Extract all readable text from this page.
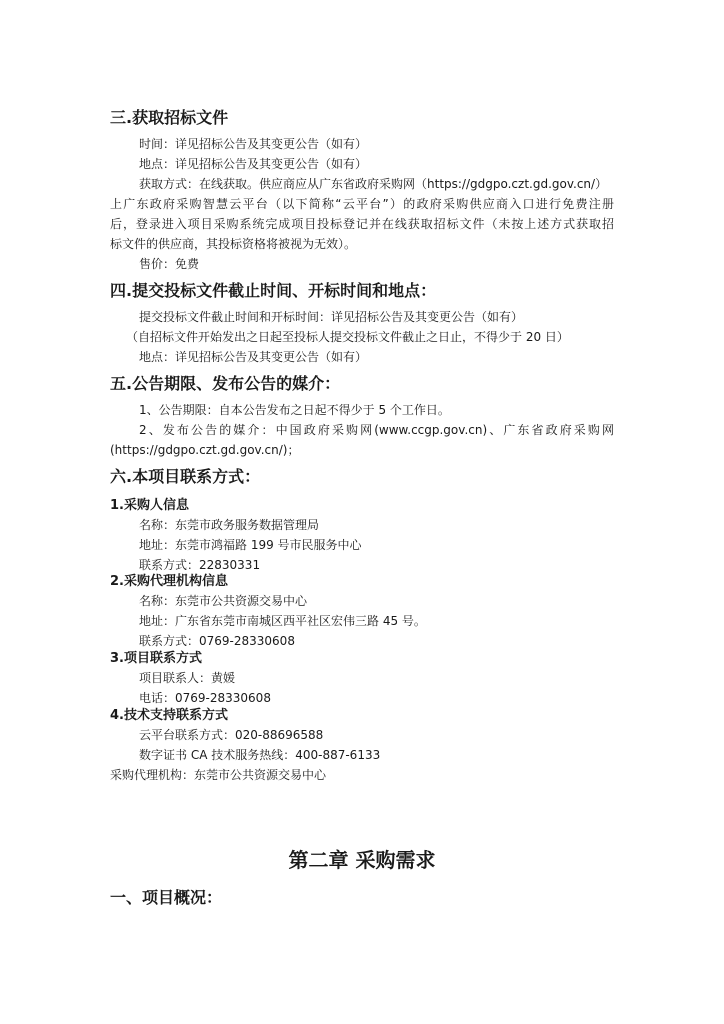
三.获取招标文件
时间：详见招标公告及其变更公告（如有）
地点：详见招标公告及其变更公告（如有）
获取方式：在线获取。供应商应从广东省政府采购网（https://gdgpo.czt.gd.gov.cn/）
上广东政府采购智慧云平台（以下简称“云平台”）的政府采购供应商入口进行免费注册
后，登录进入项目采购系统完成项目投标登记并在线获取招标文件（未按上述方式获取招
标文件的供应商，其投标资格将被视为无效）。
售价：免费
四.提交投标文件截止时间、开标时间和地点：
提交投标文件截止时间和开标时间：详见招标公告及其变更公告（如有）
（自招标文件开始发出之日起至投标人提交投标文件截止之日止，不得少于 20 日）
地点：详见招标公告及其变更公告（如有）
五.公告期限、发布公告的媒介：
1、公告期限：自本公告发布之日起不得少于 5 个工作日。
2、发布公告的媒介：中国政府采购网(www.ccgp.gov.cn)、广东省政府采购网
(https://gdgpo.czt.gd.gov.cn/)；
六.本项目联系方式：
1.采购人信息
名称：东莞市政务服务数据管理局
地址：东莞市鸿福路 199 号市民服务中心
联系方式：22830331
2.采购代理机构信息
名称：东莞市公共资源交易中心
地址：广东省东莞市南城区西平社区宏伟三路 45 号。
联系方式：0769-28330608
3.项目联系方式
项目联系人：黄媛
电话：0769-28330608
4.技术支持联系方式
云平台联系方式：020-88696588
数字证书 CA 技术服务热线：400-887-6133
采购代理机构：东莞市公共资源交易中心
第二章 采购需求
一、项目概况：
